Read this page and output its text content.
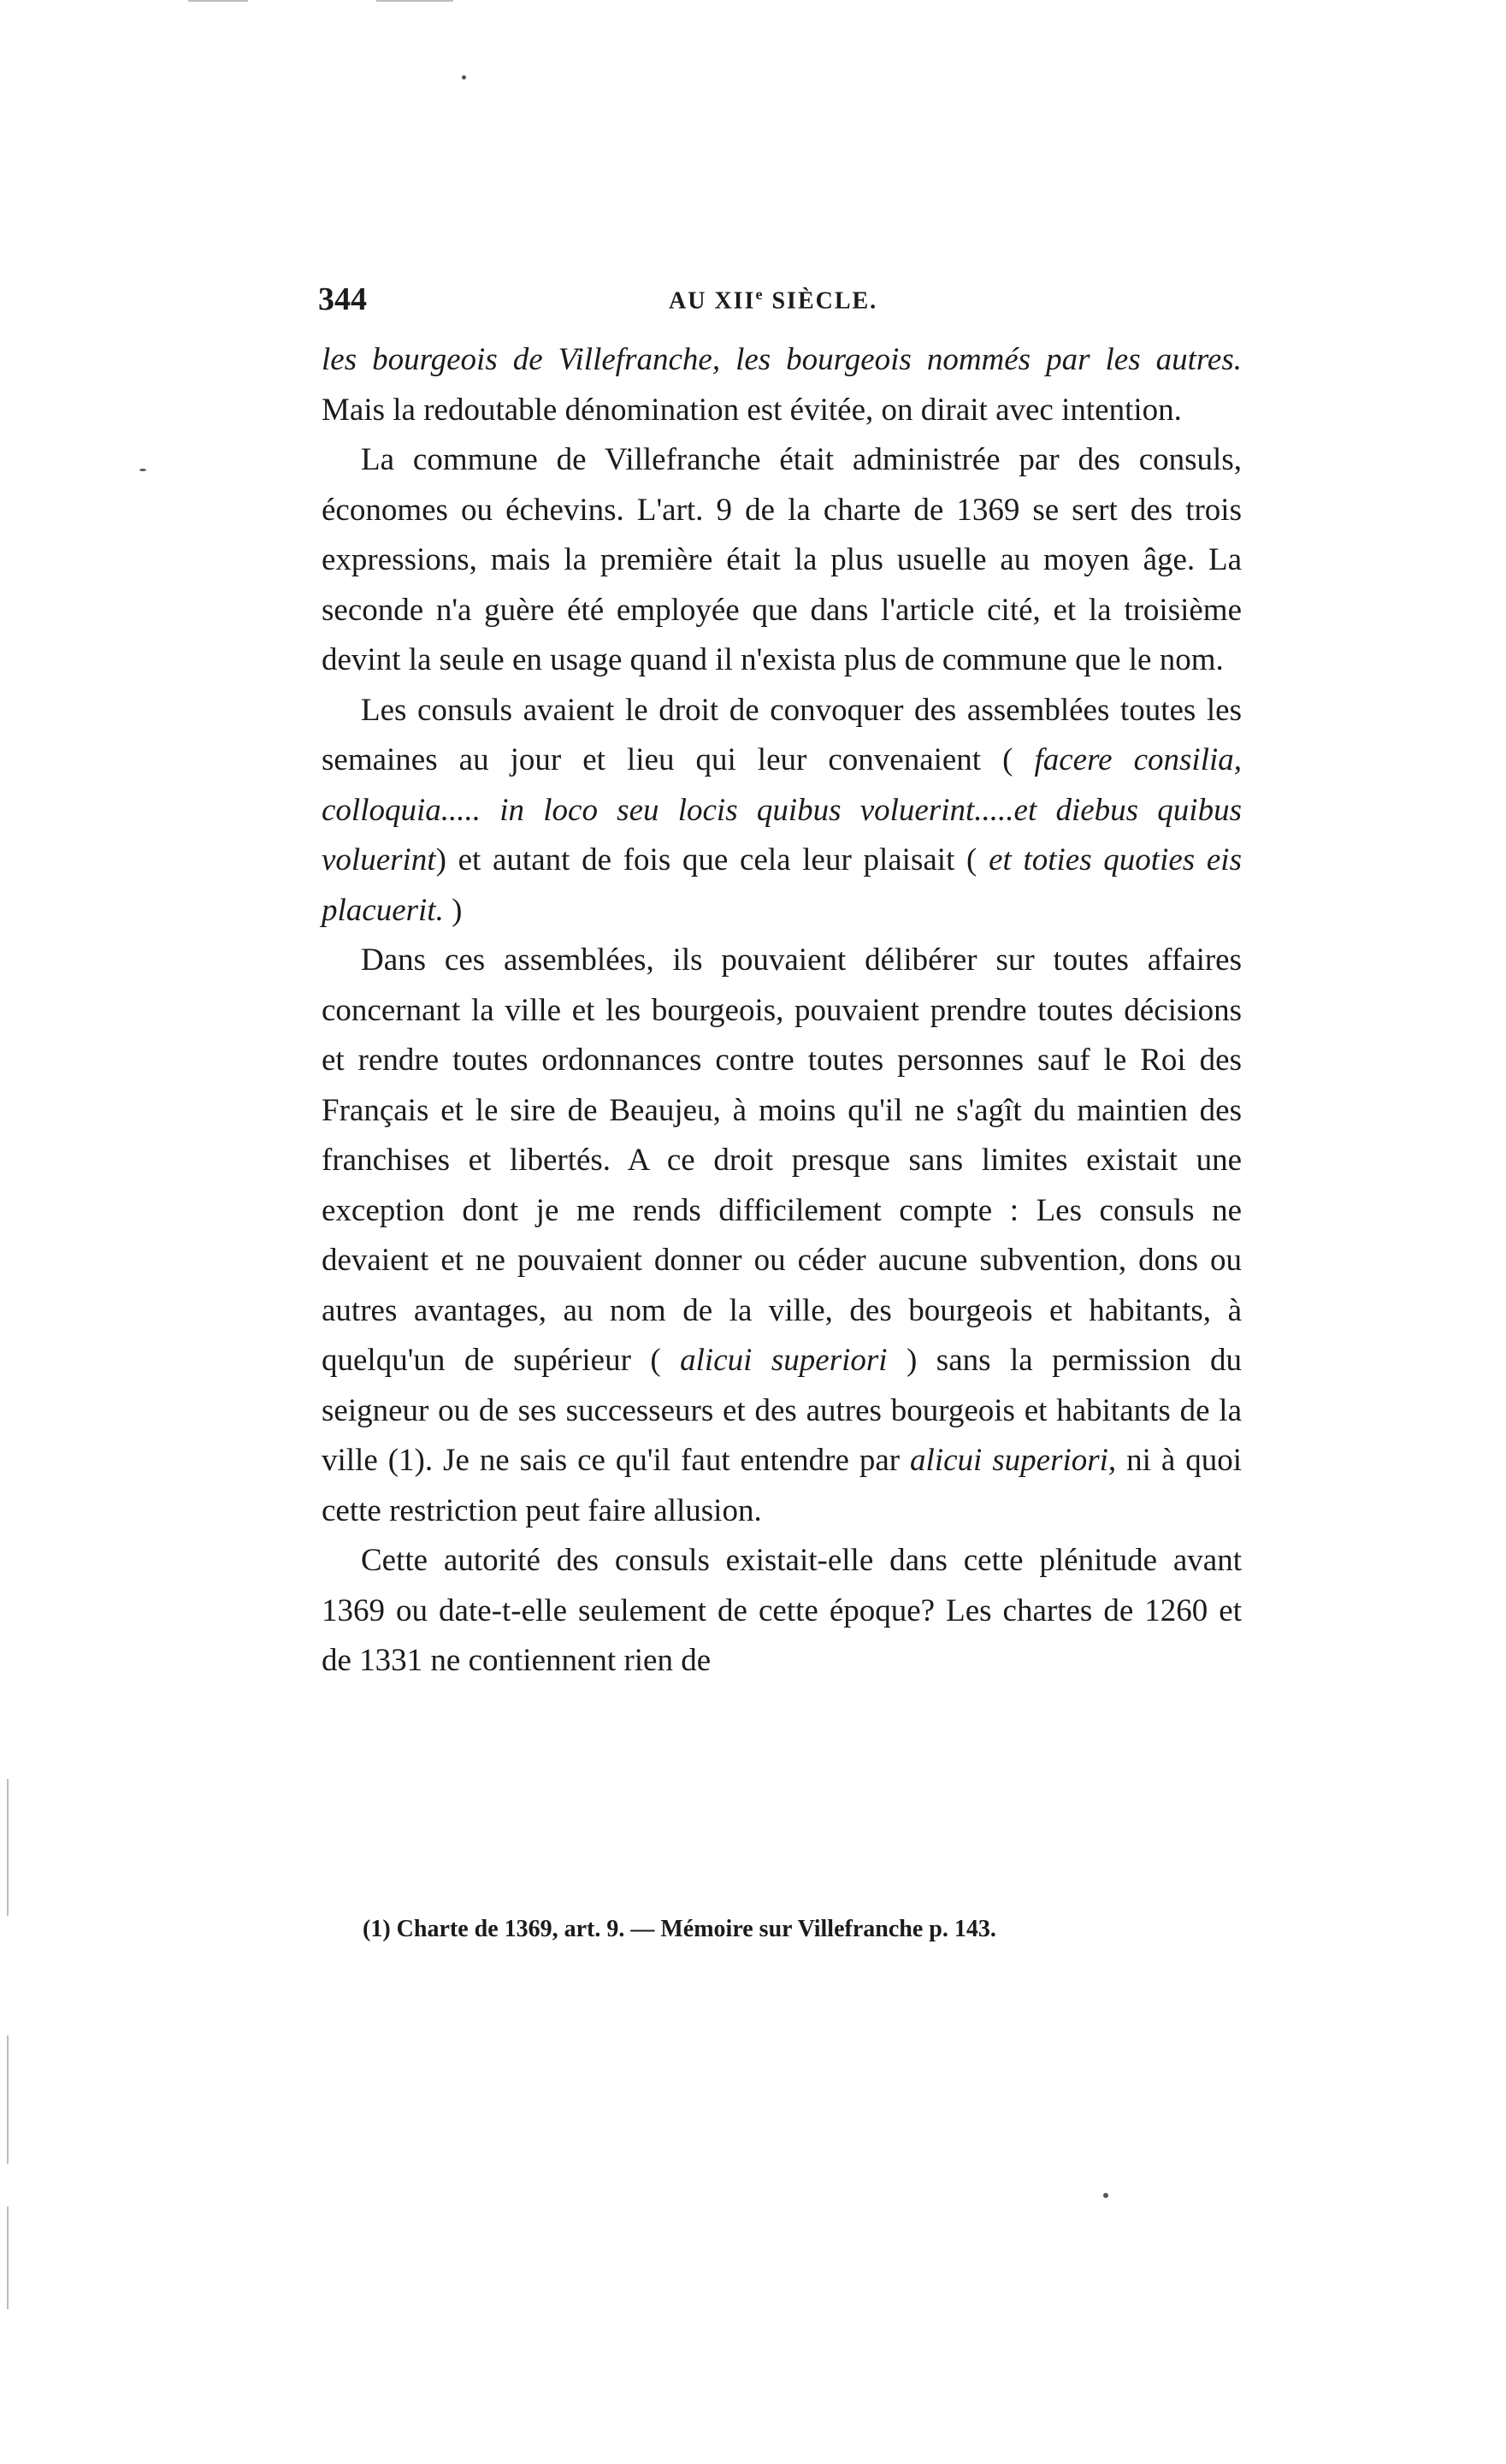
344	AU XIIe SIÈCLE.

les bourgeois de Villefranche, les bourgeois nommés par les autres. Mais la redoutable dénomination est évitée, on dirait avec intention.

La commune de Villefranche était administrée par des consuls, économes ou échevins. L'art. 9 de la charte de 1369 se sert des trois expressions, mais la première était la plus usuelle au moyen âge. La seconde n'a guère été employée que dans l'article cité, et la troisième devint la seule en usage quand il n'exista plus de commune que le nom.

Les consuls avaient le droit de convoquer des assemblées toutes les semaines au jour et lieu qui leur convenaient ( facere consilia, colloquia..... in loco seu locis quibus voluerint.....et diebus quibus voluerint) et autant de fois que cela leur plaisait ( et toties quoties eis placuerit. )

Dans ces assemblées, ils pouvaient délibérer sur toutes affaires concernant la ville et les bourgeois, pouvaient prendre toutes décisions et rendre toutes ordonnances contre toutes personnes sauf le Roi des Français et le sire de Beaujeu, à moins qu'il ne s'agît du maintien des franchises et libertés. A ce droit presque sans limites existait une exception dont je me rends difficilement compte : Les consuls ne devaient et ne pouvaient donner ou céder aucune subvention, dons ou autres avantages, au nom de la ville, des bourgeois et habitants, à quelqu'un de supérieur ( alicui superiori ) sans la permission du seigneur ou de ses successeurs et des autres bourgeois et habitants de la ville (1). Je ne sais ce qu'il faut entendre par alicui superiori, ni à quoi cette restriction peut faire allusion.

Cette autorité des consuls existait-elle dans cette plénitude avant 1369 ou date-t-elle seulement de cette époque? Les chartes de 1260 et de 1331 ne contiennent rien de

(1) Charte de 1369, art. 9. — Mémoire sur Villefranche p. 143.
